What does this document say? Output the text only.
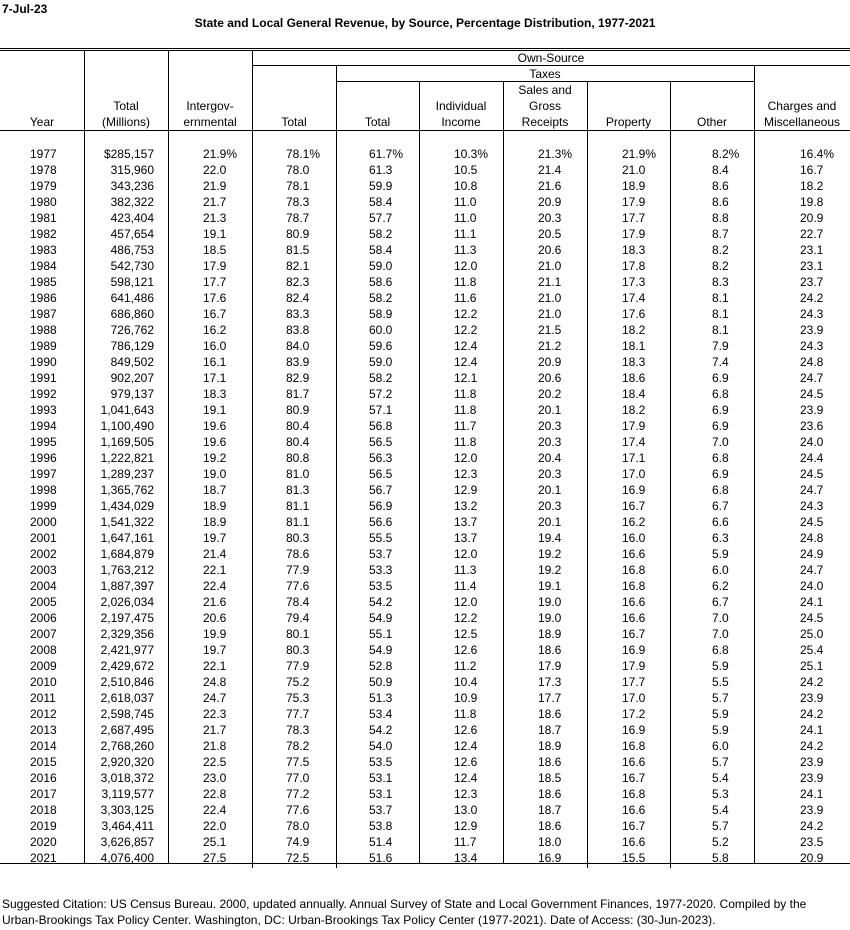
7-Jul-23
State and Local General Revenue, by Source, Percentage Distribution, 1977-2021
Own-Source
Taxes
Year
Total
(Millions)
Intergov-
ernmental	Total	Total
Individual
Income
Sales and
Gross
Receipts	Property	Other
Charges and
Miscellaneous
1977	$285,157	21.9%	78.1%	61.7%	10.3%	21.3%	21.9%	8.2%	16.4%
1978	315,960	22.0	78.0	61.3	10.5	21.4	21.0	8.4	16.7
1979	343,236	21.9	78.1	59.9	10.8	21.6	18.9	8.6	18.2
1980	382,322	21.7	78.3	58.4	11.0	20.9	17.9	8.6	19.8
1981	423,404	21.3	78.7	57.7	11.0	20.3	17.7	8.8	20.9
1982	457,654	19.1	80.9	58.2	11.1	20.5	17.9	8.7	22.7
1983	486,753	18.5	81.5	58.4	11.3	20.6	18.3	8.2	23.1
1984	542,730	17.9	82.1	59.0	12.0	21.0	17.8	8.2	23.1
1985	598,121	17.7	82.3	58.6	11.8	21.1	17.3	8.3	23.7
1986	641,486	17.6	82.4	58.2	11.6	21.0	17.4	8.1	24.2
1987	686,860	16.7	83.3	58.9	12.2	21.0	17.6	8.1	24.3
1988	726,762	16.2	83.8	60.0	12.2	21.5	18.2	8.1	23.9
1989	786,129	16.0	84.0	59.6	12.4	21.2	18.1	7.9	24.3
1990	849,502	16.1	83.9	59.0	12.4	20.9	18.3	7.4	24.8
1991	902,207	17.1	82.9	58.2	12.1	20.6	18.6	6.9	24.7
1992	979,137	18.3	81.7	57.2	11.8	20.2	18.4	6.8	24.5
1993	1,041,643	19.1	80.9	57.1	11.8	20.1	18.2	6.9	23.9
1994	1,100,490	19.6	80.4	56.8	11.7	20.3	17.9	6.9	23.6
1995	1,169,505	19.6	80.4	56.5	11.8	20.3	17.4	7.0	24.0
1996	1,222,821	19.2	80.8	56.3	12.0	20.4	17.1	6.8	24.4
1997	1,289,237	19.0	81.0	56.5	12.3	20.3	17.0	6.9	24.5
1998	1,365,762	18.7	81.3	56.7	12.9	20.1	16.9	6.8	24.7
1999	1,434,029	18.9	81.1	56.9	13.2	20.3	16.7	6.7	24.3
2000	1,541,322	18.9	81.1	56.6	13.7	20.1	16.2	6.6	24.5
2001	1,647,161	19.7	80.3	55.5	13.7	19.4	16.0	6.3	24.8
2002	1,684,879	21.4	78.6	53.7	12.0	19.2	16.6	5.9	24.9
2003	1,763,212	22.1	77.9	53.3	11.3	19.2	16.8	6.0	24.7
2004	1,887,397	22.4	77.6	53.5	11.4	19.1	16.8	6.2	24.0
2005	2,026,034	21.6	78.4	54.2	12.0	19.0	16.6	6.7	24.1
2006	2,197,475	20.6	79.4	54.9	12.2	19.0	16.6	7.0	24.5
2007	2,329,356	19.9	80.1	55.1	12.5	18.9	16.7	7.0	25.0
2008	2,421,977	19.7	80.3	54.9	12.6	18.6	16.9	6.8	25.4
2009	2,429,672	22.1	77.9	52.8	11.2	17.9	17.9	5.9	25.1
2010	2,510,846	24.8	75.2	50.9	10.4	17.3	17.7	5.5	24.2
2011	2,618,037	24.7	75.3	51.3	10.9	17.7	17.0	5.7	23.9
2012	2,598,745	22.3	77.7	53.4	11.8	18.6	17.2	5.9	24.2
2013	2,687,495	21.7	78.3	54.2	12.6	18.7	16.9	5.9	24.1
2014	2,768,260	21.8	78.2	54.0	12.4	18.9	16.8	6.0	24.2
2015	2,920,320	22.5	77.5	53.5	12.6	18.6	16.6	5.7	23.9
2016	3,018,372	23.0	77.0	53.1	12.4	18.5	16.7	5.4	23.9
2017	3,119,577	22.8	77.2	53.1	12.3	18.6	16.8	5.3	24.1
2018	3,303,125	22.4	77.6	53.7	13.0	18.7	16.6	5.4	23.9
2019	3,464,411	22.0	78.0	53.8	12.9	18.6	16.7	5.7	24.2
2020	3,626,857	25.1	74.9	51.4	11.7	18.0	16.6	5.2	23.5
2021	4,076,400	27.5	72.5	51.6	13.4	16.9	15.5	5.8	20.9
Suggested Citation: US Census Bureau. 2000, updated annually. Annual Survey of State and Local Government Finances, 1977-2020. Compiled by the
Urban-Brookings Tax Policy Center. Washington, DC: Urban-Brookings Tax Policy Center (1977-2021). Date of Access: (30-Jun-2023).
